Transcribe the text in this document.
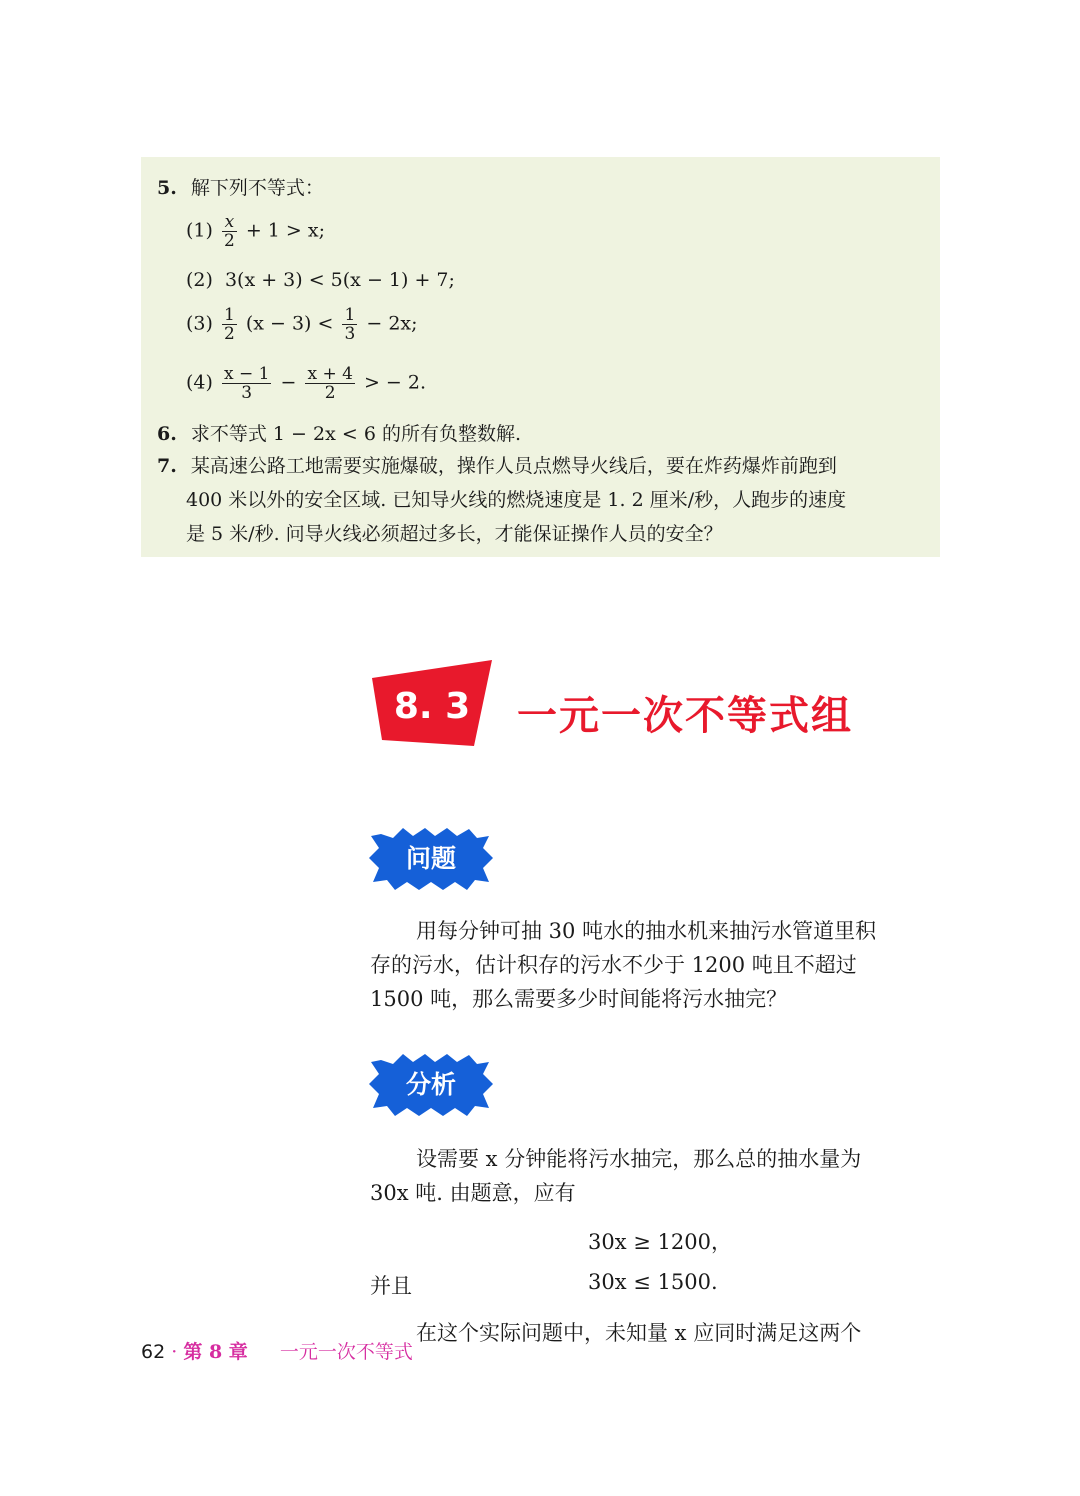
5. 解下列不等式：
$(1) \frac{x}{2} + 1 > x$;
(2) 3(x + 3) < 5(x − 1) + 7;
$(3) \frac{1}{2} (x - 3) < \frac{1}{3} - 2x$;
$(4) \frac{x - 1}{3} - \frac{x + 4}{2}$ > − 2.
6. 求不等式 1 − 2x < 6 的所有负整数解.
7. 某高速公路工地需要实施爆破，操作人员点燃导火线后，要在炸药爆炸前跑到
400 米以外的安全区域. 已知导火线的燃烧速度是 1. 2 厘米/秒，人跑步的速度
是 5 米/秒. 问导火线必须超过多长，才能保证操作人员的安全？
8. 3 一元一次不等式组
问题
用每分钟可抽 30 吨水的抽水机来抽污水管道里积
存的污水，估计积存的污水不少于 1200 吨且不超过
1500 吨，那么需要多少时间能将污水抽完？
分析
设需要 x 分钟能将污水抽完，那么总的抽水量为
30x 吨. 由题意，应有
30x ≥ 1200，
并且	30x ≤ 1500.
在这个实际问题中，未知量 x 应同时满足这两个
62 · 第 8 章 一元一次不等式
